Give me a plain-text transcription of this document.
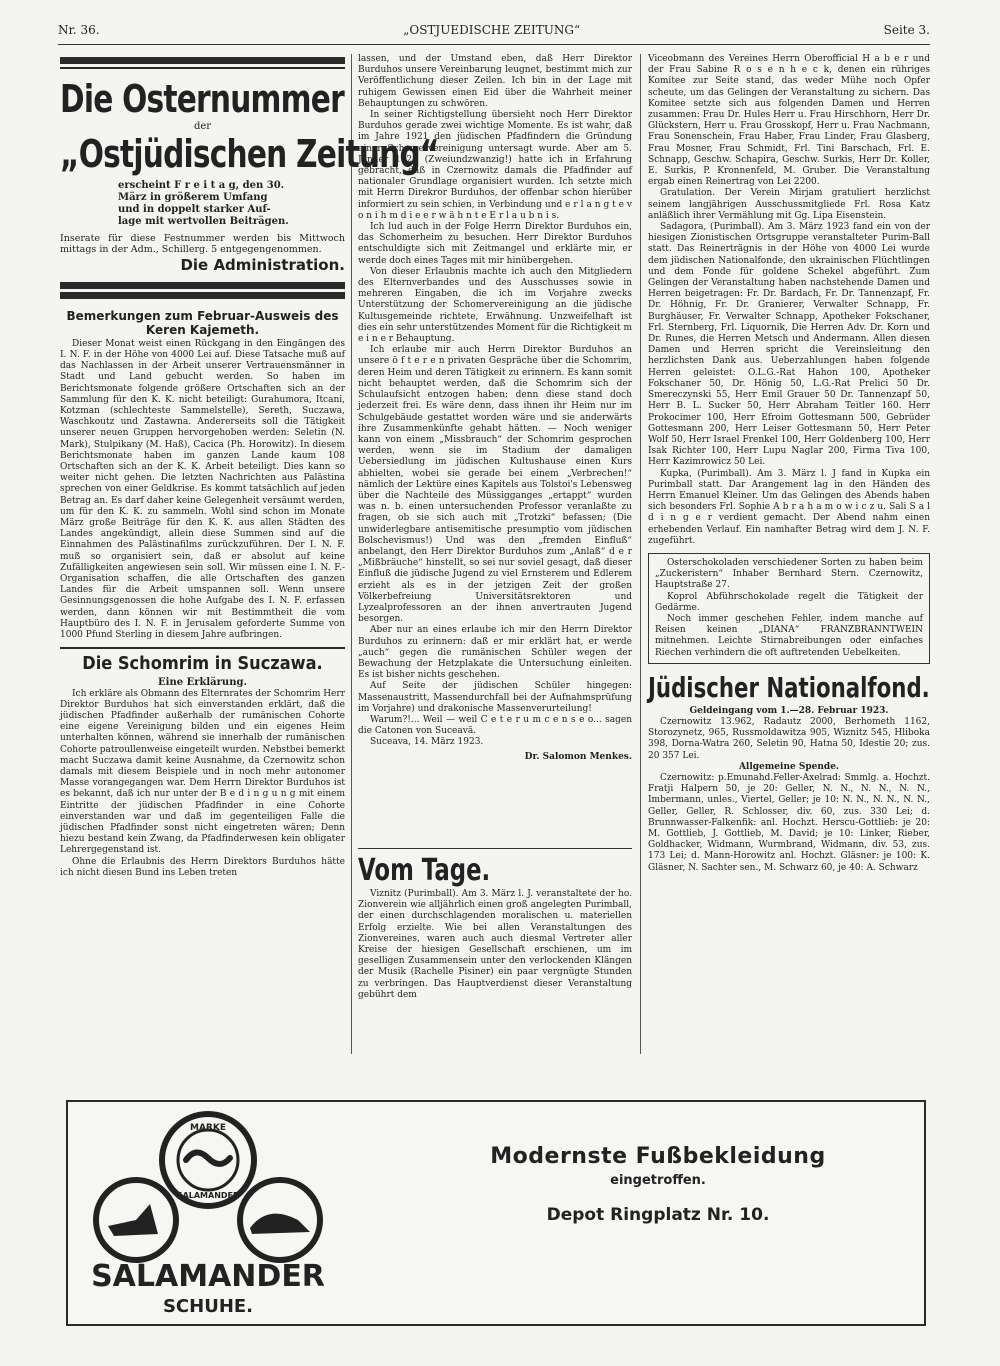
Nr. 36.	„OSTJUEDISCHE ZEITUNG“	Seite 3.
Die Osternummer
der
„Ostjüdischen Zeitung“
erscheint F r e i t a g, den 30.
März in größerem Umfang
und in doppelt starker Auf-
lage mit wertvollen Beiträgen.

Inserate für diese Festnummer werden bis Mittwoch mittags in der Adm., Schillerg. 5 entgegengenommen.

Die Administration.
Bemerkungen zum Februar-Ausweis des Keren Kajemeth.

Dieser Monat weist einen Rückgang in den Eingängen des I. N. F. in der Höhe von 4000 Lei auf. Diese Tatsache muß auf das Nachlassen in der Arbeit unserer Vertrauensmänner in Stadt und Land gebucht werden. So haben im Berichtsmonate folgende größere Ortschaften sich an der Sammlung für den K. K. nicht beteiligt: Gurahumora, Itcani, Kotzman (schlechteste Sammelstelle), Sereth, Suczawa, Waschkoutz und Zastawna. Andererseits soll die Tätigkeit unserer neuen Gruppen hervorgehoben werden: Seletin (N. Mark), Stulpikany (M. Haß), Cacica (Ph. Horowitz). In diesem Berichtsmonate haben im ganzen Lande kaum 108 Ortschaften sich an der K. K. Arbeit beteiligt. Dies kann so weiter nicht gehen. Die letzten Nachrichten aus Palästina sprechen von einer Geldkrise. Es kommt tatsächlich auf jeden Betrag an. Es darf daher keine Gelegenheit versäumt werden, um für den K. K. zu sammeln. Wohl sind schon im Monate März große Beiträge für den K. K. aus allen Städten des Landes angekündigt, allein diese Summen sind auf die Einnahmen des Palästinafilms zurückzuführen. Der I. N. F. muß so organisiert sein, daß er absolut auf keine Zufälligkeiten angewiesen sein soll. Wir müssen eine I. N. F.-Organisation schaffen, die alle Ortschaften des ganzen Landes für die Arbeit umspannen soll. Wenn unsere Gesinnungsgenossen die hohe Aufgabe des I. N. F. erfassen werden, dann können wir mit Bestimmtheit die vom Hauptbüro des I. N. F. in Jerusalem geforderte Summe von 1000 Pfund Sterling in diesem Jahre aufbringen.

Die Schomrim in Suczawa.
Eine Erklärung.

Ich erkläre als Obmann des Elternrates der Schomrim Herr Direktor Burduhos hat sich einverstanden erklärt, daß die jüdischen Pfadfinder außerhalb der rumänischen Cohorte eine eigene Vereinigung bilden und ein eigenes Heim unterhalten können, während sie innerhalb der rumänischen Cohorte patroullenweise eingeteilt wurden. Nebstbei bemerkt macht Suczawa damit keine Ausnahme, da Czernowitz schon damals mit diesem Beispiele und in noch mehr autonomer Masse vorangegangen war. Dem Herrn Direktor Burduhos ist es bekannt, daß ich nur unter der B e d i n g u n g mit einem Eintritte der jüdischen Pfadfinder in eine Cohorte einverstanden war und daß im gegenteiligen Falle die jüdischen Pfadfinder sonst nicht eingetreten wären; Denn hiezu bestand kein Zwang, da Pfadfinderwesen kein obligater Lehrergegenstand ist.

Ohne die Erlaubnis des Herrn Direktors Burduhos hätte ich nicht diesen Bund ins Leben treten

lassen, und der Umstand eben, daß Herr Direktor Burduhos unsere Vereinbarung leugnet, bestimmt mich zur Veröffentlichung dieser Zeilen. Ich bin in der Lage mit ruhigem Gewissen einen Eid über die Wahrheit meiner Behauptungen zu schwören.

In seiner Richtigstellung übersieht noch Herr Direktor Burduhos gerade zwei wichtige Momente. Es ist wahr, daß im Jahre 1921 den jüdischen Pfadfindern die Gründung einer Schomervereinigung untersagt wurde. Aber am 5. Jänner 1922 (Zweiundzwanzig!) hatte ich in Erfahrung gebracht, daß in Czernowitz damals die Pfadfinder auf nationaler Grundlage organisiert wurden. Ich setzte mich mit Herrn Direkror Burduhos, der offenbar schon hierüber informiert zu sein schien, in Verbindung und e r l a n g t e v o n i h m d i e e r w ä h n t e E r l a u b n i s.

Ich lud auch in der Folge Herrn Direktor Burduhos ein, das Schomerheim zu besuchen. Herr Direktor Burduhos entschuldigte sich mit Zeitmangel und erklärte mir, er werde doch eines Tages mit mir hinübergehen.

Von dieser Erlaubnis machte ich auch den Mitgliedern des Elternverbandes und des Ausschusses sowie in mehreren Eingaben, die ich im Vorjahre zwecks Unterstützung der Schomervereinigung an die jüdische Kultusgemeinde richtete, Erwähnung. Unzweifelhaft ist dies ein sehr unterstützendes Moment für die Richtigkeit m e i n e r Behauptung.

Ich erlaube mir auch Herrn Direktor Burduhos an unsere ö f t e r e n privaten Gespräche über die Schomrim, deren Heim und deren Tätigkeit zu erinnern. Es kann somit nicht behauptet werden, daß die Schomrim sich der Schulaufsicht entzogen haben; denn diese stand doch jederzeit frei. Es wäre denn, dass ihnen ihr Heim nur im Schulgebäude gestattet worden wäre und sie anderwärts ihre Zusammenkünfte gehabt hätten. — Noch weniger kann von einem „Missbrauch“ der Schomrim gesprochen werden, wenn sie im Stadium der damaligen Uebersiedlung im jüdischen Kultushause einen Kurs abhielten, wobei sie gerade bei einem „Verbrechen!“ nämlich der Lektüre eines Kapitels aus Tolstoi's Lebensweg über die Nachteile des Müssigganges „ertappt“ wurden was n. b. einen untersuchenden Professor veranlaßte zu fragen, ob sie sich auch mit „Trotzki“ befassen; (Die unwiderlegbare antisemitische presumptio vom jüdischen Bolschevismus!) Und was den „fremden Einfluß“ anbelangt, den Herr Direktor Burduhos zum „Anlaß“ d e r „Mißbräuche“ hinstellt, so sei nur soviel gesagt, daß dieser Einfluß die jüdische Jugend zu viel Ernsterem und Edlerem erzieht als es in der jetzigen Zeit der großen Völkerbefreiung Universitätsrektoren und Lyzealprofessoren an der ihnen anvertrauten Jugend besorgen.

Aber nur an eines erlaube ich mir den Herrn Direktor Burduhos zu erinnern: daß er mir erklärt hat, er werde „auch“ gegen die rumänischen Schüler wegen der Bewachung der Hetzplakate die Untersuchung einleiten. Es ist bisher nichts geschehen.

Auf Seite der jüdischen Schüler hingegen: Massenaustritt, Massendurchfall bei der Aufnahmsprüfung im Vorjahre) und drakonische Massenverurteilung!

Warum?!... Weil — weil C e t e r u m c e n s e o... sagen die Catonen von Suceavă.

Suceava, 14. März 1923.

Dr. Salomon Menkes.
Vom Tage.

Viznitz (Purimball). Am 3. März l. J. veranstaltete der ho. Zionverein wie alljährlich einen groß angelegten Purimball, der einen durchschlagenden moralischen u. materiellen Erfolg erzielte. Wie bei allen Veranstaltungen des Zionvereines, waren auch auch diesmal Vertreter aller Kreise der hiesigen Gesellschaft erschienen, um im geselligen Zusammensein unter den verlockenden Klängen der Musik (Rachelle Pisiner) ein paar vergnügte Stunden zu verbringen. Das Hauptverdienst dieser Veranstaltung gebührt dem

Viceobmann des Vereines Herrn Oberofficial H a b e r und der Frau Sabine R o s e n h e c k, denen ein rühriges Komitee zur Seite stand, das weder Mühe noch Opfer scheute, um das Gelingen der Veranstaltung zu sichern. Das Komitee setzte sich aus folgenden Damen und Herren zusammen: Frau Dr. Hules Herr u. Frau Hirschhorn, Herr Dr. Glückstern, Herr u. Frau Grosskopf, Herr u. Frau Nachmann, Frau Sonenschein, Frau Haber, Frau Linder, Frau Glasberg, Frau Mosner, Frau Schmidt, Frl. Tini Barschach, Frl. E. Schnapp, Geschw. Schapira, Geschw. Surkis, Herr Dr. Koller, E. Surkis, P. Kronnenfeld, M. Gruber. Die Veranstaltung ergab einen Reinertrag von Lei 2200.

Gratulation. Der Verein Mirjam gratuliert herzlichst seinem langjährigen Ausschussmitgliede Frl. Rosa Katz anläßlich ihrer Vermählung mit Gg. Lipa Eisenstein.

Sadagora, (Purimball). Am 3. März 1923 fand ein von der hiesigen Zionistischen Ortsgruppe veranstalteter Purim-Ball statt. Das Reinerträgnis in der Höhe von 4000 Lei wurde dem jüdischen Nationalfonde, den ukrainischen Flüchtlingen und dem Fonde für goldene Schekel abgeführt. Zum Gelingen der Veranstaltung haben nachstehende Damen und Herren beigetragen: Fr. Dr. Bardach, Fr. Dr. Tannenzapf, Fr. Dr. Höhnig, Fr. Dr. Granierer, Verwalter Schnapp, Fr. Burghäuser, Fr. Verwalter Schnapp, Apotheker Fokschaner, Frl. Sternberg, Frl. Liquornik, Die Herren Adv. Dr. Korn und Dr. Runes, die Herren Metsch und Andermann. Allen diesen Damen und Herren spricht die Vereinsleitung den herzlichsten Dank aus. Ueberzahlungen haben folgende Herren geleistet: O.L.G.-Rat Hahon 100, Apotheker Fokschaner 50, Dr. Hönig 50, L.G.-Rat Prelici 50 Dr. Smereczynski 55, Herr Emil Grauer 50 Dr. Tannenzapf 50, Herr B. L. Sucker 50, Herr Abraham Teitler 160. Herr Prokocimer 100, Herr Efroim Gottesmann 500, Gebrüder Gottesmann 200, Herr Leiser Gottesmann 50, Herr Peter Wolf 50, Herr Israel Frenkel 100, Herr Goldenberg 100, Herr Isak Richter 100, Herr Lupu Naglar 200, Firma Tiva 100, Herr Kazimrowicz 50 Lei.

Kupka, (Purimball). Am 3. März l. J fand in Kupka ein Purimball statt. Dar Arangement lag in den Händen des Herrn Emanuel Kleiner. Um das Gelingen des Abends haben sich besonders Frl. Sophie A b r a h a m o w i c z u. Sali S a l d i n g e r verdient gemacht. Der Abend nahm einen erhebenden Verlauf. Ein namhafter Betrag wird dem J. N. F. zugeführt.

Osterschokoladen verschiedener Sorten zu haben beim „Zuckeristern“ Inhaber Bernhard Stern. Czernowitz, Hauptstraße 27.

Koprol Abführschokolade regelt die Tätigkeit der Gedärme.

Noch immer geschehen Fehler, indem manche auf Reisen keinen „DIANA“ FRANZBRANNTWEIN mitnehmen. Leichte Stirnabreibungen oder einfaches Riechen verhindern die oft auftretenden Uebelkeiten.

Jüdischer Nationalfond.
Geldeingang vom 1.—28. Februar 1923.

Czernowitz 13.962, Radautz 2000, Berhometh 1162, Storozynetz, 965, Russmoldawitza 905, Wiznitz 545, Hliboka 398, Dorna-Watra 260, Seletin 90, Hatna 50, Idestie 20; zus. 20 357 Lei.

Allgemeine Spende.

Czernowitz: p.Emunahd.Feller-Axelrad: Smmlg. a. Hochzt. Fratji Halpern 50, je 20: Geller, N. N., N. N., N. N., Imbermann, unles., Viertel, Geller; je 10: N. N., N. N., N. N., Geller, Geller, R. Schlosser, div. 60, zus. 330 Lei; d. Brunnwasser-Falkenfik: anl. Hochzt. Herscu-Gottlieb: je 20: M. Gottlieb, J. Gottlieb, M. David; je 10: Linker, Rieber, Goldhacker, Widmann, Wurmbrand, Widmann, div. 53, zus. 173 Lei; d. Mann-Horowitz anl. Hochzt. Gläsner: je 100: K. Gläsner, N. Sachter sen., M. Schwarz 60, je 40: A. Schwarz

MARKE
SALAMANDER
SALAMANDER
SCHUHE.
Modernste Fußbekleidung
eingetroffen.
Depot Ringplatz Nr. 10.
